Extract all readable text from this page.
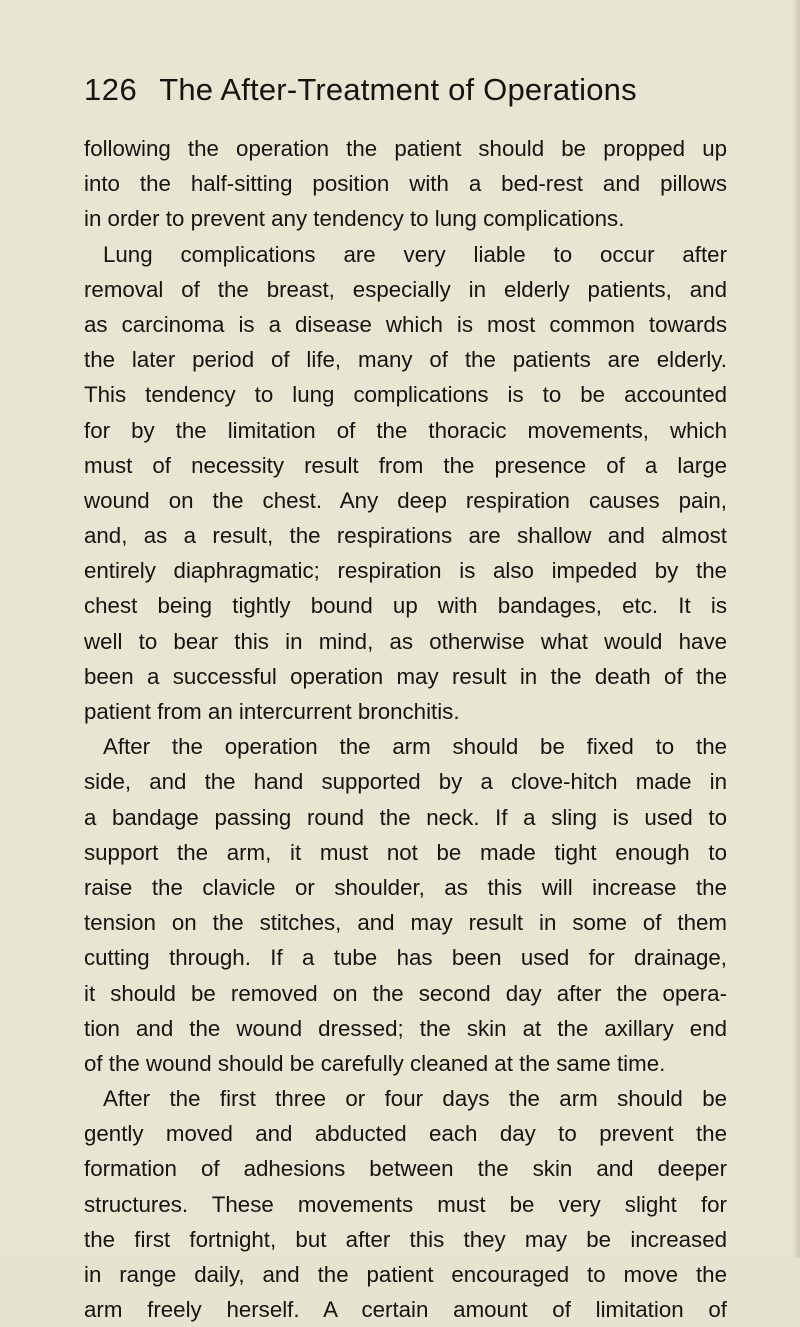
126 The After-Treatment of Operations
following the operation the patient should be propped up
into the half-sitting position with a bed-rest and pillows
in order to prevent any tendency to lung complications.
Lung complications are very liable to occur after
removal of the breast, especially in elderly patients, and
as carcinoma is a disease which is most common towards
the later period of life, many of the patients are elderly.
This tendency to lung complications is to be accounted
for by the limitation of the thoracic movements, which
must of necessity result from the presence of a large
wound on the chest. Any deep respiration causes pain,
and, as a result, the respirations are shallow and almost
entirely diaphragmatic; respiration is also impeded by the
chest being tightly bound up with bandages, etc. It is
well to bear this in mind, as otherwise what would have
been a successful operation may result in the death of the
patient from an intercurrent bronchitis.
After the operation the arm should be fixed to the
side, and the hand supported by a clove-hitch made in
a bandage passing round the neck. If a sling is used to
support the arm, it must not be made tight enough to
raise the clavicle or shoulder, as this will increase the
tension on the stitches, and may result in some of them
cutting through. If a tube has been used for drainage,
it should be removed on the second day after the opera-
tion and the wound dressed; the skin at the axillary end
of the wound should be carefully cleaned at the same time.
After the first three or four days the arm should be
gently moved and abducted each day to prevent the
formation of adhesions between the skin and deeper
structures. These movements must be very slight for
the first fortnight, but after this they may be increased
in range daily, and the patient encouraged to move the
arm freely herself. A certain amount of limitation of
